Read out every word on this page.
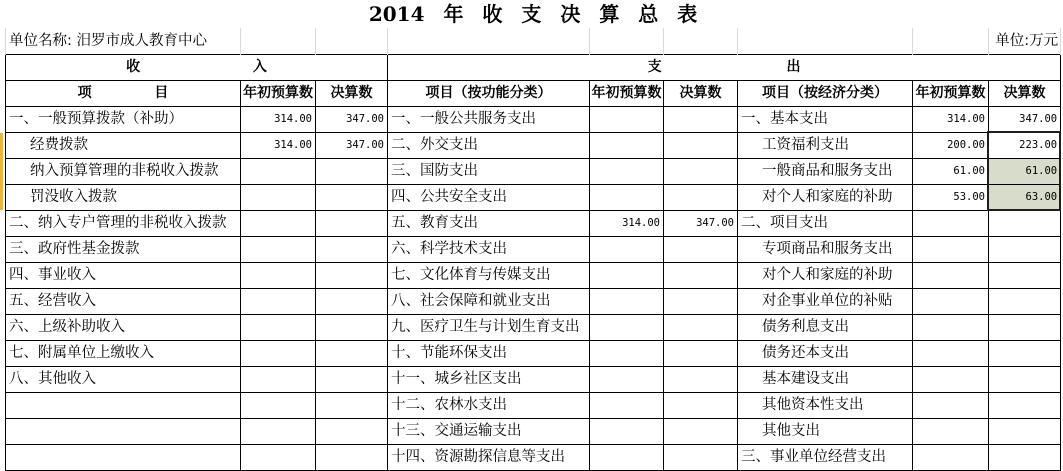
2014 年 收 支 决 算 总 表								
单位名称: 汨罗市成人教育中心								单位:万元
收 入			支 出					
项 目	年初预算数	决算数	项目（按功能分类）	年初预算数	决算数	项目（按经济分类）	年初预算数	决算数
一、一般预算拨款（补助）	314.00	347.00	一、一般公共服务支出			一、基本支出	314.00	347.00
经费拨款	314.00	347.00	二、外交支出			工资福利支出	200.00	223.00
纳入预算管理的非税收入拨款			三、国防支出			一般商品和服务支出	61.00	61.00
罚没收入拨款			四、公共安全支出			对个人和家庭的补助	53.00	63.00
二、纳入专户管理的非税收入拨款			五、教育支出	314.00	347.00	二、项目支出		
三、政府性基金拨款			六、科学技术支出			专项商品和服务支出		
四、事业收入			七、文化体育与传媒支出			对个人和家庭的补助		
五、经营收入			八、社会保障和就业支出			对企事业单位的补贴		
六、上级补助收入			九、医疗卫生与计划生育支出			债务利息支出		
七、附属单位上缴收入			十、节能环保支出			债务还本支出		
八、其他收入			十一、城乡社区支出			基本建设支出		
			十二、农林水支出			其他资本性支出		
			十三、交通运输支出			其他支出		
			十四、资源勘探信息等支出			三、事业单位经营支出		
